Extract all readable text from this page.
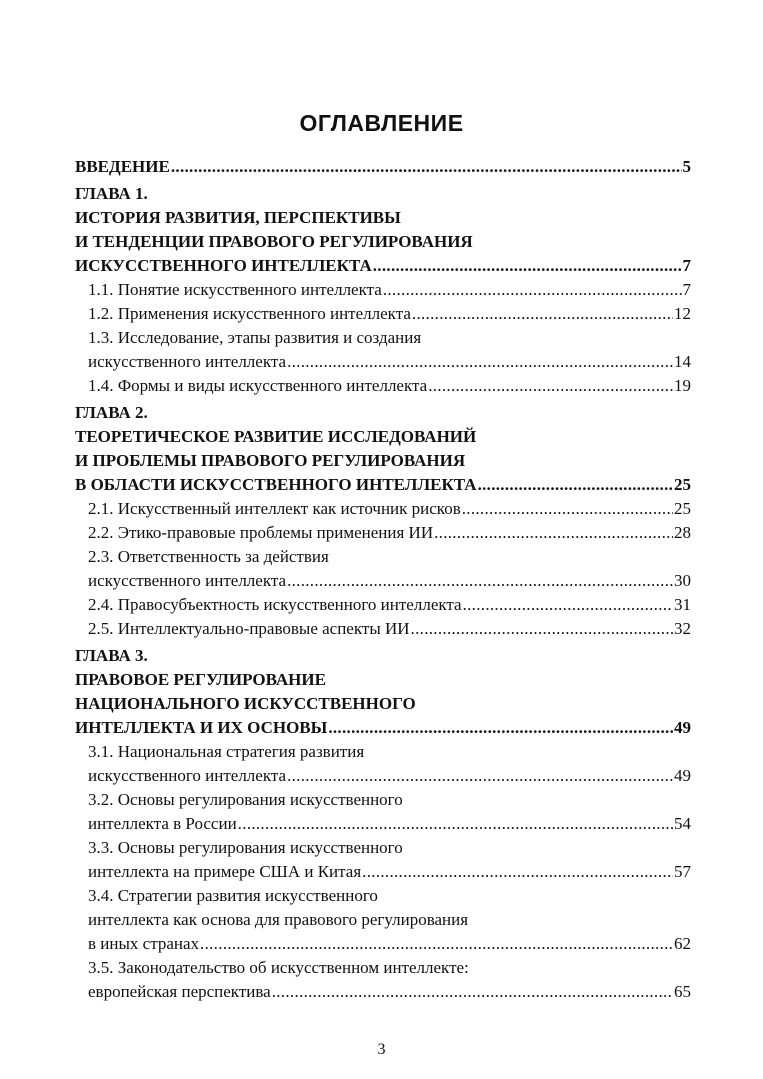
ОГЛАВЛЕНИЕ
ВВЕДЕНИЕ .....	5
ГЛАВА 1.
ИСТОРИЯ РАЗВИТИЯ, ПЕРСПЕКТИВЫ
И ТЕНДЕНЦИИ ПРАВОВОГО РЕГУЛИРОВАНИЯ
ИСКУССТВЕННОГО ИНТЕЛЛЕКТА .....	7
1.1. Понятие искусственного интеллекта .....	7
1.2. Применения искусственного интеллекта .....	12
1.3. Исследование, этапы развития и создания
искусственного интеллекта .....	14
1.4. Формы и виды искусственного интеллекта .....	19
ГЛАВА 2.
ТЕОРЕТИЧЕСКОЕ РАЗВИТИЕ ИССЛЕДОВАНИЙ
И ПРОБЛЕМЫ ПРАВОВОГО РЕГУЛИРОВАНИЯ
В ОБЛАСТИ ИСКУССТВЕННОГО ИНТЕЛЛЕКТА .....	25
2.1. Искусственный интеллект как источник рисков .....	25
2.2. Этико-правовые проблемы применения ИИ .....	28
2.3. Ответственность за действия
искусственного интеллекта .....	30
2.4. Правосубъектность искусственного интеллекта .....	31
2.5. Интеллектуально-правовые аспекты ИИ .....	32
ГЛАВА 3.
ПРАВОВОЕ РЕГУЛИРОВАНИЕ
НАЦИОНАЛЬНОГО ИСКУССТВЕННОГО
ИНТЕЛЛЕКТА И ИХ ОСНОВЫ .....	49
3.1. Национальная стратегия развития
искусственного интеллекта .....	49
3.2. Основы регулирования искусственного
интеллекта в России .....	54
3.3. Основы регулирования искусственного
интеллекта на примере США и Китая .....	57
3.4. Стратегии развития искусственного
интеллекта как основа для правового регулирования
в иных странах .....	62
3.5. Законодательство об искусственном интеллекте:
европейская перспектива .....	65
3
